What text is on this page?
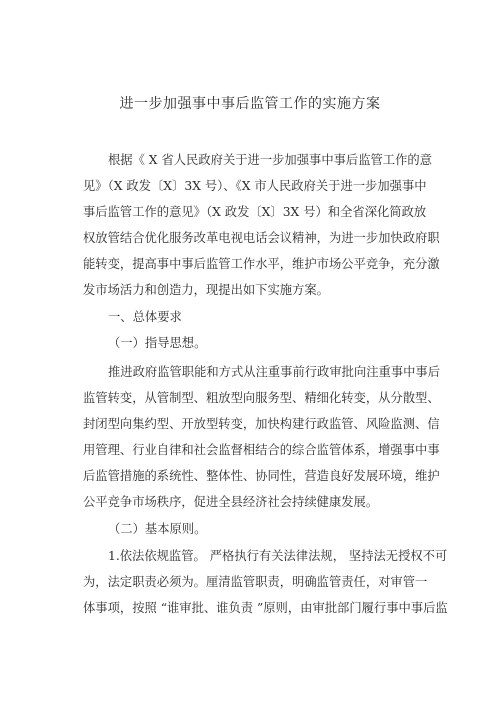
进一步加强事中事后监管工作的实施方案
根据《 X 省人民政府关于进一步加强事中事后监管工作的意
见》（X 政发〔X〕3X 号）、《X 市人民政府关于进一步加强事中
事后监管工作的意见》（X 政发〔X〕3X 号）和全省深化简政放
权放管结合优化服务改革电视电话会议精神，为进一步加快政府职
能转变，提高事中事后监管工作水平，维护市场公平竞争，充分激
发市场活力和创造力，现提出如下实施方案。
一、总体要求
（一）指导思想。
推进政府监管职能和方式从注重事前行政审批向注重事中事后
监管转变，从管制型、粗放型向服务型、精细化转变，从分散型、
封闭型向集约型、开放型转变，加快构建行政监管、风险监测、信
用管理、行业自律和社会监督相结合的综合监管体系，增强事中事
后监管措施的系统性、整体性、协同性，营造良好发展环境，维护
公平竞争市场秩序，促进全县经济社会持续健康发展。
（二）基本原则。
1.依法依规监管。 严格执行有关法律法规， 坚持法无授权不可
为，法定职责必须为。厘清监管职责，明确监管责任，对审管一
体事项，按照 “谁审批、谁负责 ”原则，由审批部门履行事中事后监
